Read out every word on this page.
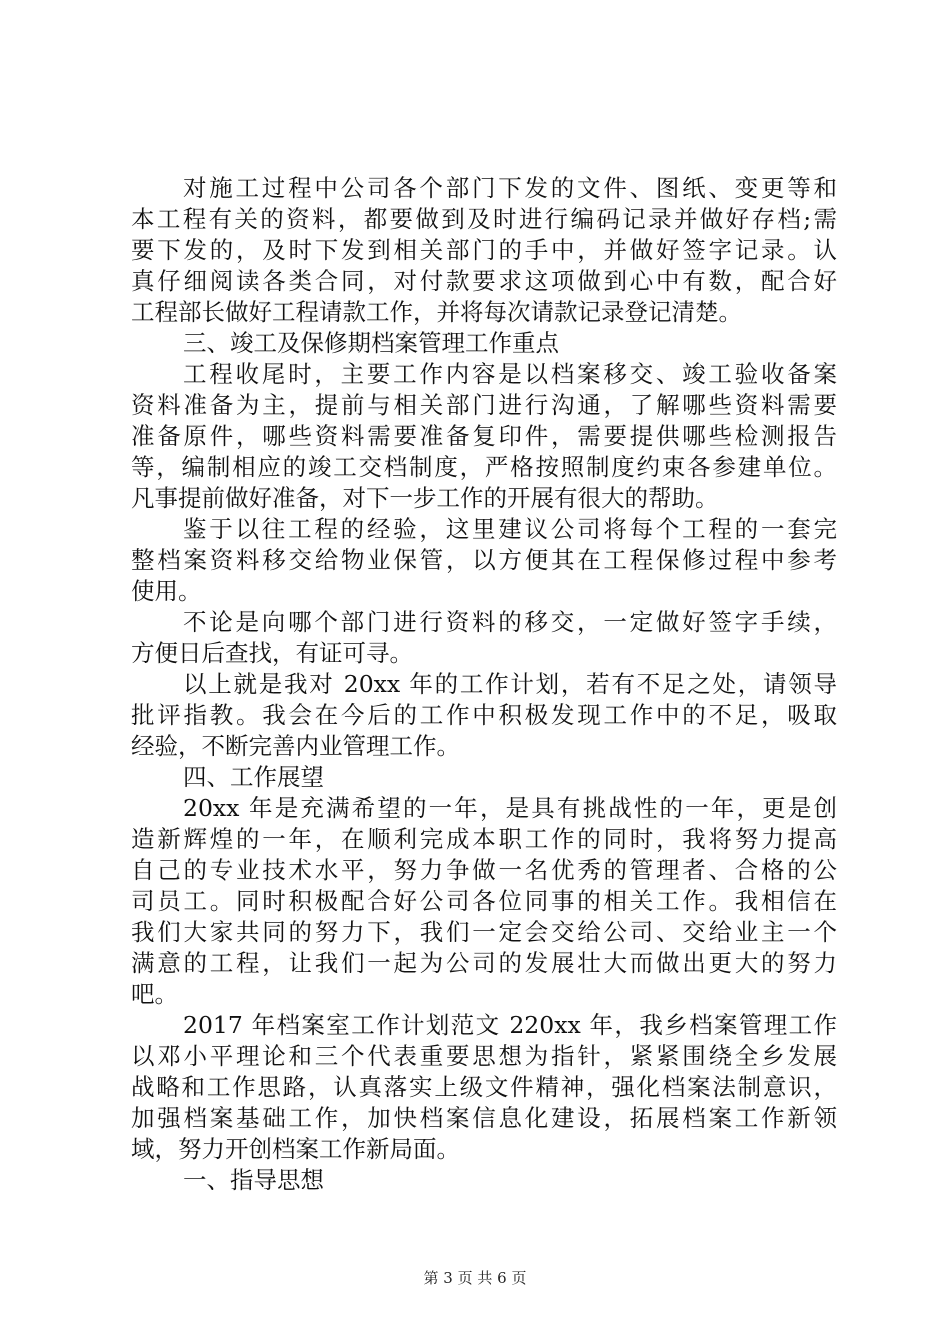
对施工过程中公司各个部门下发的文件、图纸、变更等和
本工程有关的资料，都要做到及时进行编码记录并做好存档;需
要下发的，及时下发到相关部门的手中，并做好签字记录。认
真仔细阅读各类合同，对付款要求这项做到心中有数，配合好
工程部长做好工程请款工作，并将每次请款记录登记清楚。
三、竣工及保修期档案管理工作重点
工程收尾时，主要工作内容是以档案移交、竣工验收备案
资料准备为主，提前与相关部门进行沟通，了解哪些资料需要
准备原件，哪些资料需要准备复印件，需要提供哪些检测报告
等，编制相应的竣工交档制度，严格按照制度约束各参建单位。
凡事提前做好准备，对下一步工作的开展有很大的帮助。
鉴于以往工程的经验，这里建议公司将每个工程的一套完
整档案资料移交给物业保管，以方便其在工程保修过程中参考
使用。
不论是向哪个部门进行资料的移交，一定做好签字手续，
方便日后查找，有证可寻。
以上就是我对 20xx 年的工作计划，若有不足之处，请领导
批评指教。我会在今后的工作中积极发现工作中的不足，吸取
经验，不断完善内业管理工作。
四、工作展望
20xx 年是充满希望的一年，是具有挑战性的一年，更是创
造新辉煌的一年，在顺利完成本职工作的同时，我将努力提高
自己的专业技术水平，努力争做一名优秀的管理者、合格的公
司员工。同时积极配合好公司各位同事的相关工作。我相信在
我们大家共同的努力下，我们一定会交给公司、交给业主一个
满意的工程，让我们一起为公司的发展壮大而做出更大的努力
吧。
2017 年档案室工作计划范文 220xx 年，我乡档案管理工作
以邓小平理论和三个代表重要思想为指针，紧紧围绕全乡发展
战略和工作思路，认真落实上级文件精神，强化档案法制意识，
加强档案基础工作，加快档案信息化建设，拓展档案工作新领
域，努力开创档案工作新局面。
一、指导思想
第 3 页 共 6 页
